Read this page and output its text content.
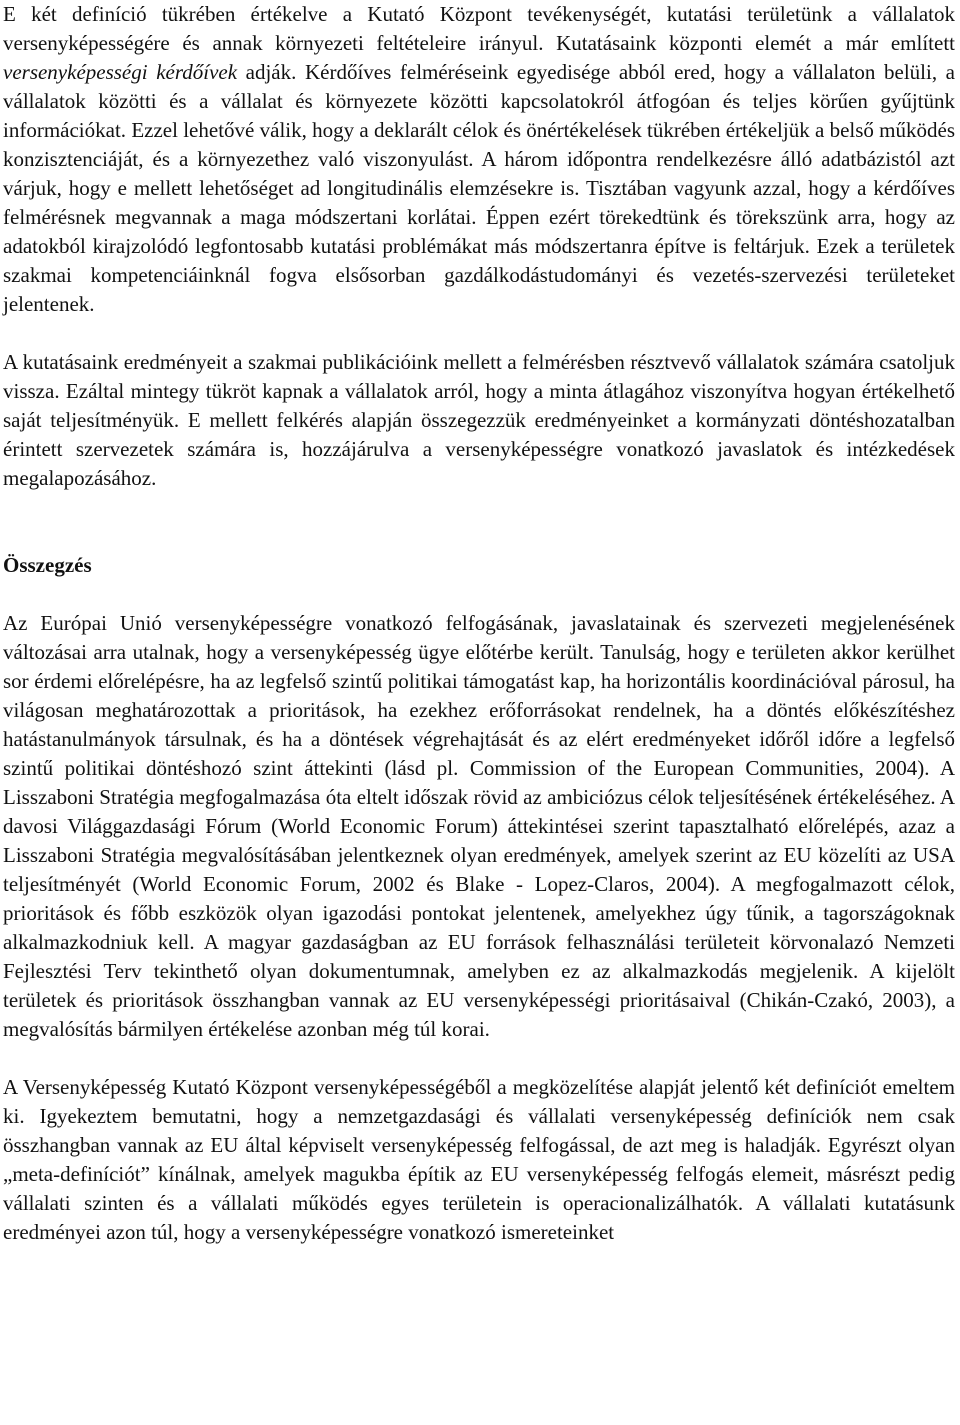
E két definíció tükrében értékelve a Kutató Központ tevékenységét, kutatási területünk a vállalatok versenyképességére és annak környezeti feltételeire irányul. Kutatásaink központi elemét a már említett versenyképességi kérdőívek adják. Kérdőíves felméréseink egyedisége abból ered, hogy a vállalaton belüli, a vállalatok közötti és a vállalat és környezete közötti kapcsolatokról átfogóan és teljes körűen gyűjtünk információkat. Ezzel lehetővé válik, hogy a deklarált célok és önértékelések tükrében értékeljük a belső működés konzisztenciáját, és a környezethez való viszonyulást. A három időpontra rendelkezésre álló adatbázistól azt várjuk, hogy e mellett lehetőséget ad longitudinális elemzésekre is. Tisztában vagyunk azzal, hogy a kérdőíves felmérésnek megvannak a maga módszertani korlátai. Éppen ezért törekedtünk és törekszünk arra, hogy az adatokból kirajzolódó legfontosabb kutatási problémákat más módszertanra építve is feltárjuk. Ezek a területek szakmai kompetenciáinknál fogva elsősorban gazdálkodástudományi és vezetés-szervezési területeket jelentenek.

A kutatásaink eredményeit a szakmai publikációink mellett a felmérésben résztvevő vállalatok számára csatoljuk vissza. Ezáltal mintegy tükröt kapnak a vállalatok arról, hogy a minta átlagához viszonyítva hogyan értékelhető saját teljesítményük. E mellett felkérés alapján összegezzük eredményeinket a kormányzati döntéshozatalban érintett szervezetek számára is, hozzájárulva a versenyképességre vonatkozó javaslatok és intézkedések megalapozásához.

Összegzés

Az Európai Unió versenyképességre vonatkozó felfogásának, javaslatainak és szervezeti megjelenésének változásai arra utalnak, hogy a versenyképesség ügye előtérbe került. Tanulság, hogy e területen akkor kerülhet sor érdemi előrelépésre, ha az legfelső szintű politikai támogatást kap, ha horizontális koordinációval párosul, ha világosan meghatározottak a prioritások, ha ezekhez erőforrásokat rendelnek, ha a döntés előkészítéshez hatástanulmányok társulnak, és ha a döntések végrehajtását és az elért eredményeket időről időre a legfelső szintű politikai döntéshozó szint áttekinti (lásd pl. Commission of the European Communities, 2004). A Lisszaboni Stratégia megfogalmazása óta eltelt időszak rövid az ambiciózus célok teljesítésének értékeléséhez. A davosi Világgazdasági Fórum (World Economic Forum) áttekintései szerint tapasztalható előrelépés, azaz a Lisszaboni Stratégia megvalósításában jelentkeznek olyan eredmények, amelyek szerint az EU közelíti az USA teljesítményét (World Economic Forum, 2002 és Blake - Lopez-Claros, 2004). A megfogalmazott célok, prioritások és főbb eszközök olyan igazodási pontokat jelentenek, amelyekhez úgy tűnik, a tagországoknak alkalmazkodniuk kell. A magyar gazdaságban az EU források felhasználási területeit körvonalazó Nemzeti Fejlesztési Terv tekinthető olyan dokumentumnak, amelyben ez az alkalmazkodás megjelenik. A kijelölt területek és prioritások összhangban vannak az EU versenyképességi prioritásaival (Chikán-Czakó, 2003), a megvalósítás bármilyen értékelése azonban még túl korai.

A Versenyképesség Kutató Központ versenyképességéből a megközelítése alapját jelentő két definíciót emeltem ki. Igyekeztem bemutatni, hogy a nemzetgazdasági és vállalati versenyképesség definíciók nem csak összhangban vannak az EU által képviselt versenyképesség felfogással, de azt meg is haladják. Egyrészt olyan „meta-definíciót” kínálnak, amelyek magukba építik az EU versenyképesség felfogás elemeit, másrészt pedig vállalati szinten és a vállalati működés egyes területein is operacionalizálhatók. A vállalati kutatásunk eredményei azon túl, hogy a versenyképességre vonatkozó ismereteinket
